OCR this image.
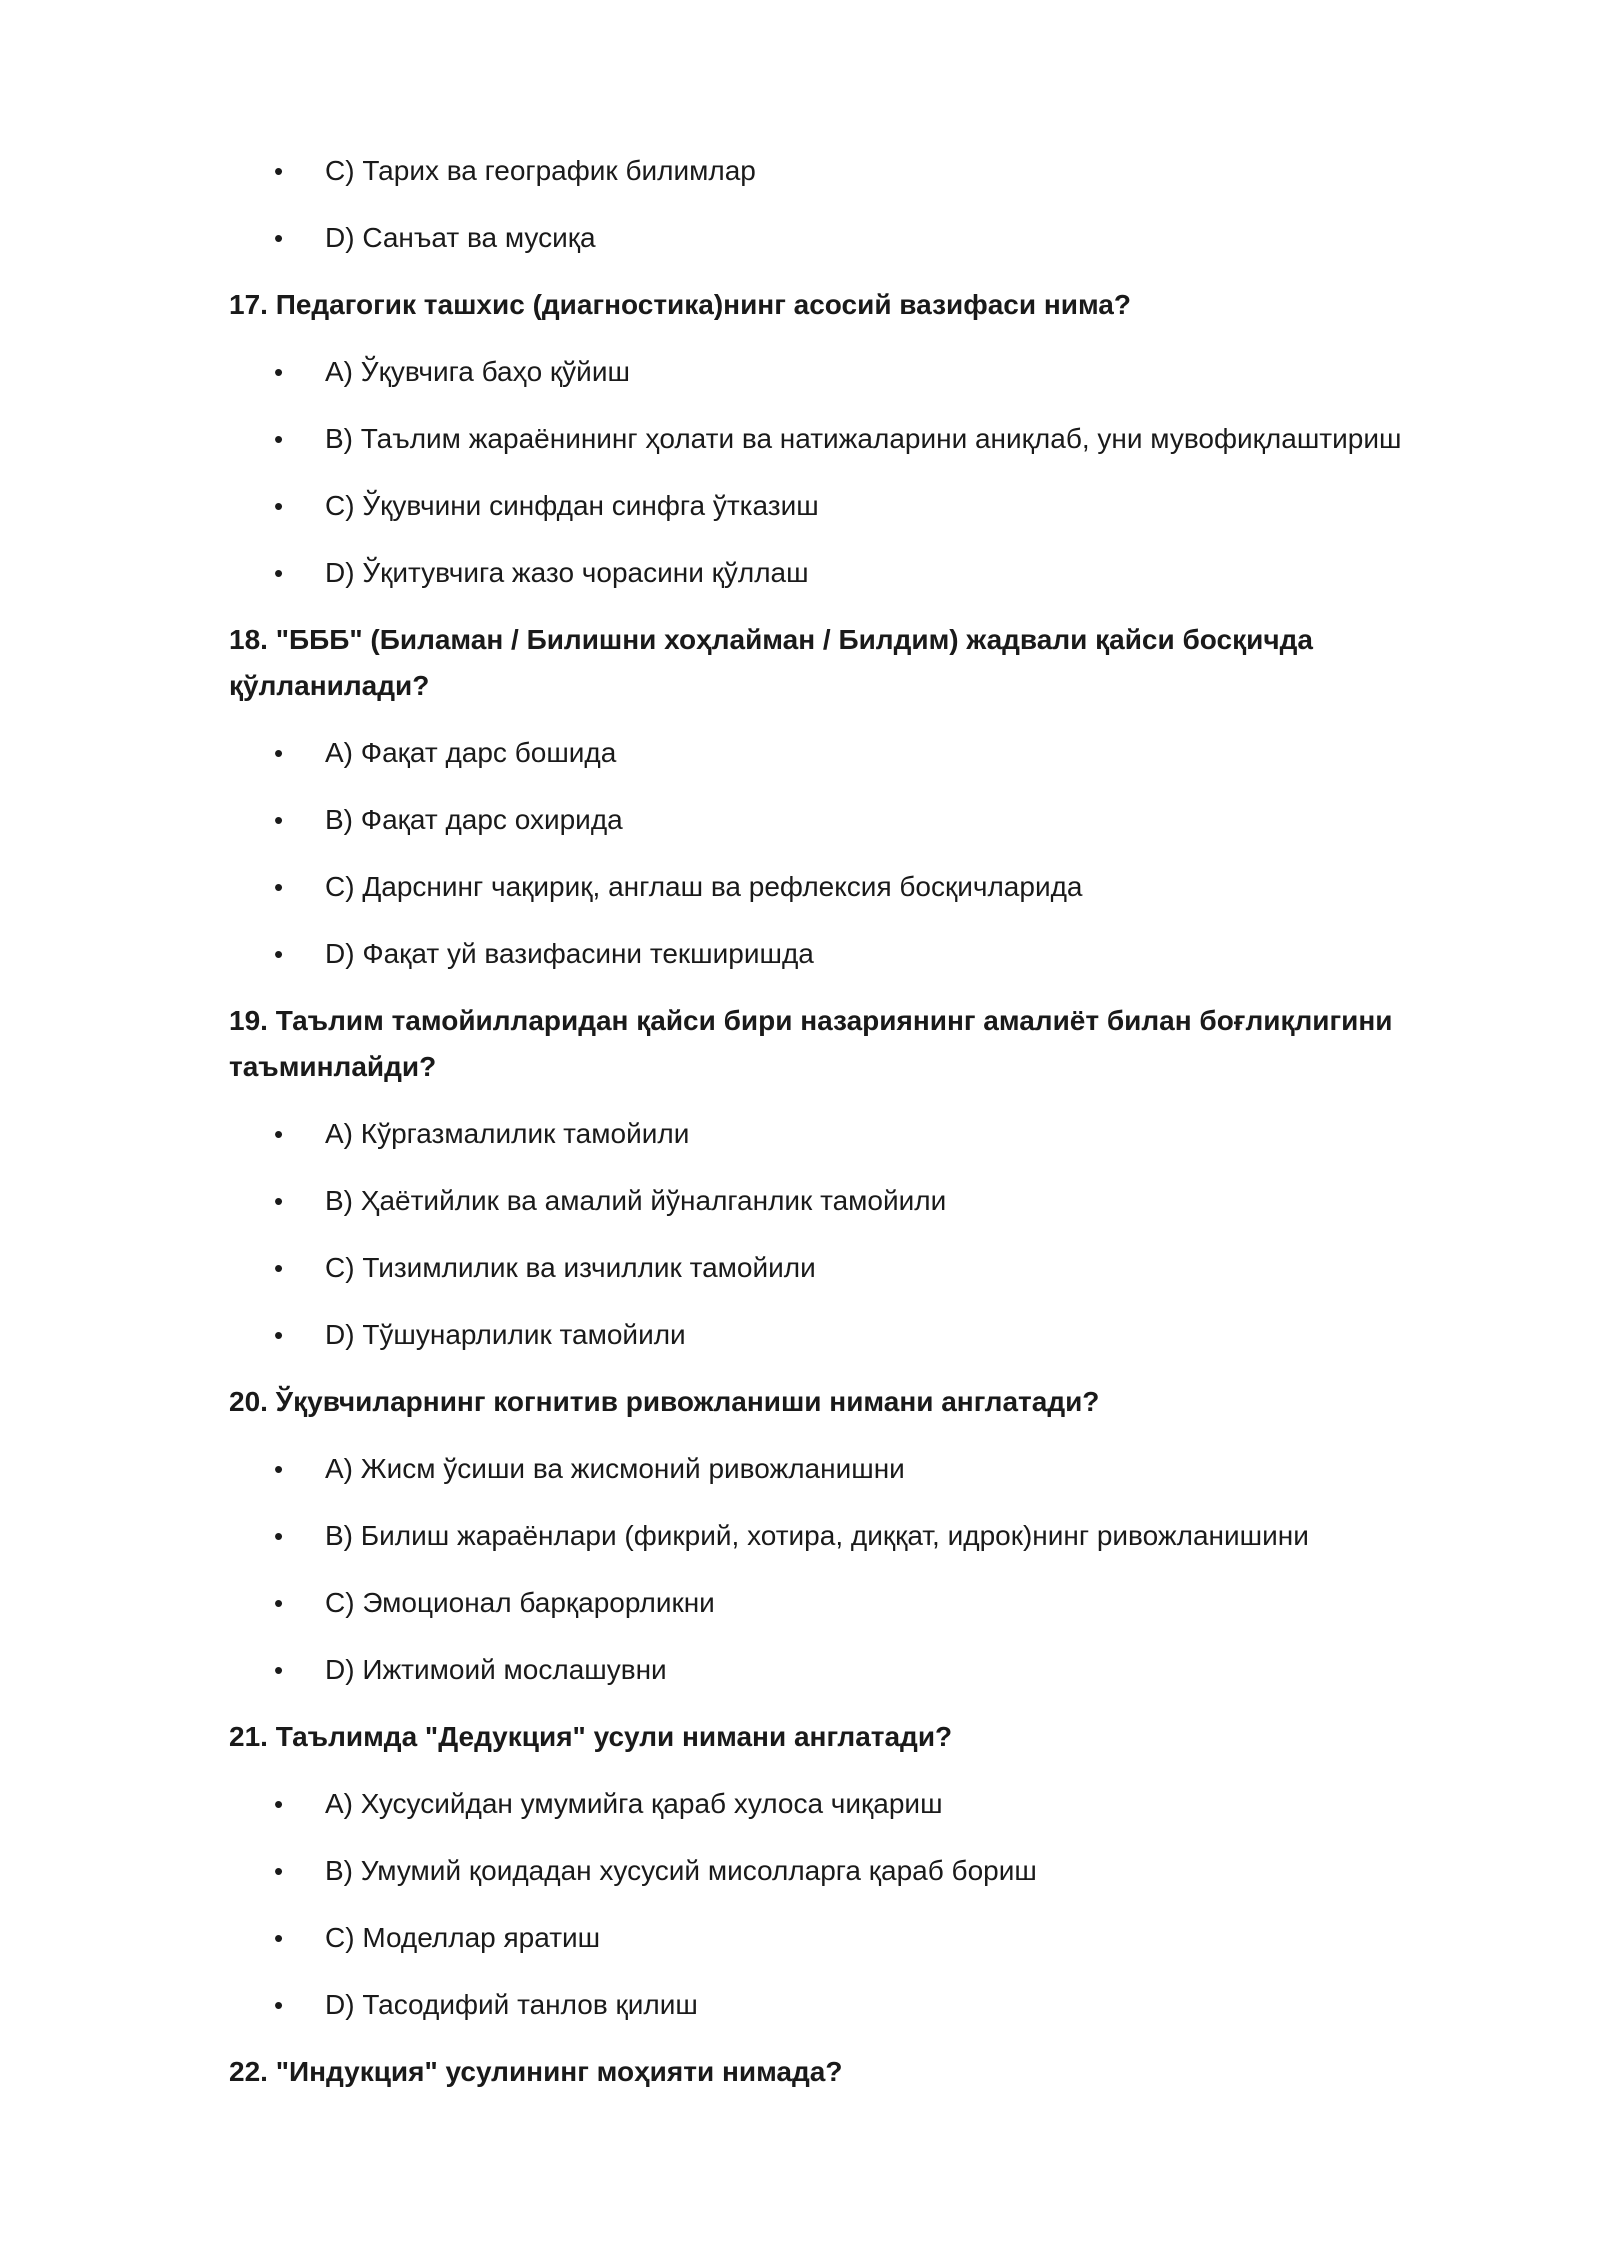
• C) Тарих ва географик билимлар
• D) Санъат ва мусиқа
17. Педагогик ташхис (диагностика)нинг асосий вазифаси нима?
• A) Ўқувчига баҳо қўйиш
• B) Таълим жараёнининг ҳолати ва натижаларини аниқлаб, уни мувофиқлаштириш
• C) Ўқувчини синфдан синфга ўтказиш
• D) Ўқитувчига жазо чорасини қўллаш
18. "БББ" (Биламан / Билишни хоҳлайман / Билдим) жадвали қайси босқичда қўлланилади?
• A) Фақат дарс бошида
• B) Фақат дарс охирида
• C) Дарснинг чақириқ, англаш ва рефлексия босқичларида
• D) Фақат уй вазифасини текширишда
19. Таълим тамойилларидан қайси бири назариянинг амалиёт билан боғлиқлигини таъминлайди?
• A) Кўргазмалилик тамойили
• B) Ҳаётийлик ва амалий йўналганлик тамойили
• C) Тизимлилик ва изчиллик тамойили
• D) Тўшунарлилик тамойили
20. Ўқувчиларнинг когнитив ривожланиши нимани англатади?
• A) Жисм ўсиши ва жисмоний ривожланишни
• B) Билиш жараёнлари (фикрий, хотира, диққат, идрок)нинг ривожланишини
• C) Эмоционал барқарорликни
• D) Ижтимоий мослашувни
21. Таълимда "Дедукция" усули нимани англатади?
• A) Хусусийдан умумийга қараб хулоса чиқариш
• B) Умумий қоидадан хусусий мисолларга қараб бориш
• C) Моделлар яратиш
• D) Тасодифий танлов қилиш
22. "Индукция" усулининг моҳияти нимада?
